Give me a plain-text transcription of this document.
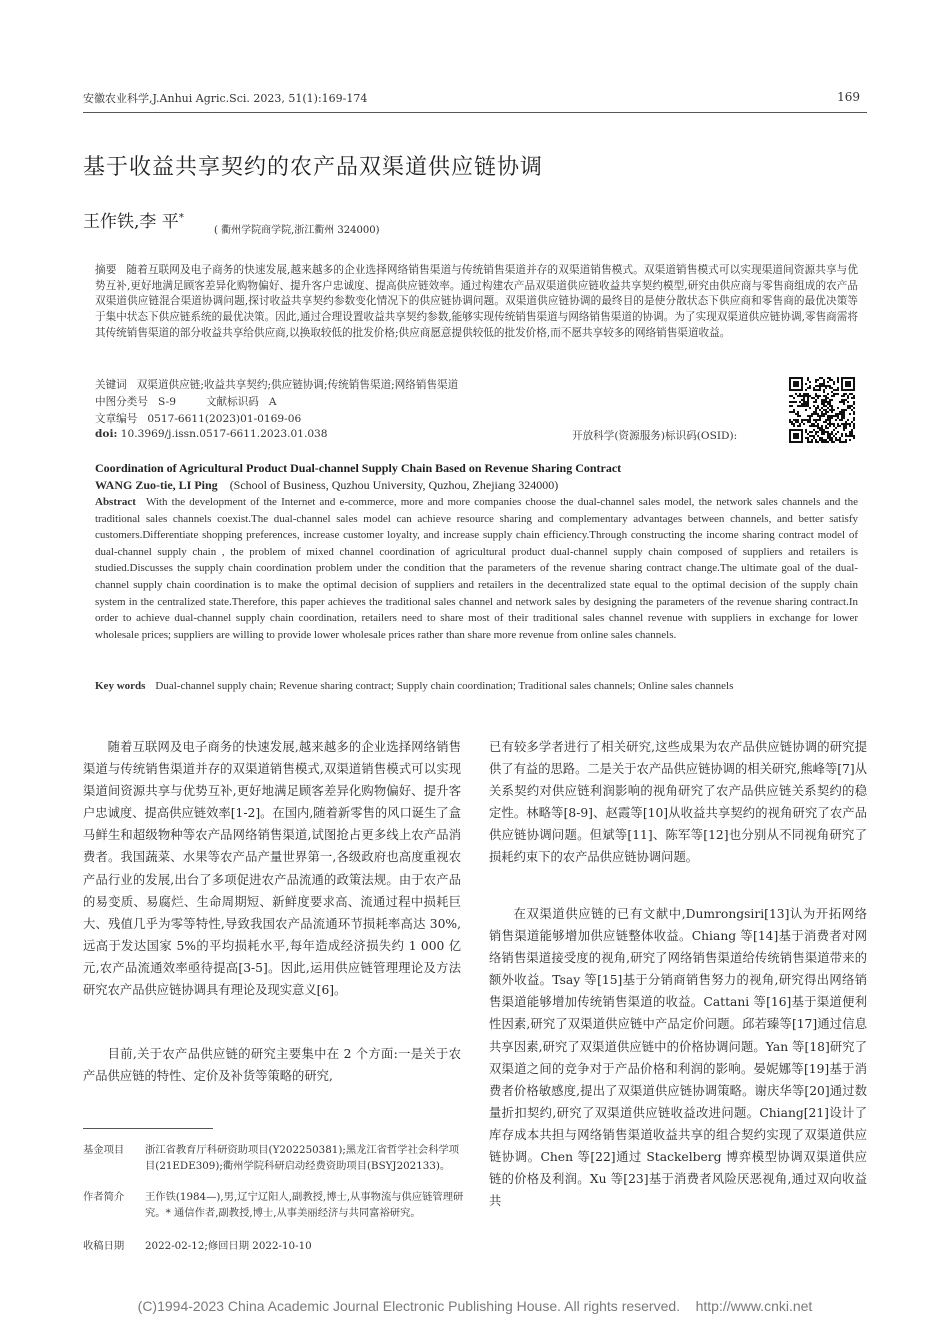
安徽农业科学,J.Anhui Agric.Sci. 2023, 51(1):169-174	169
基于收益共享契约的农产品双渠道供应链协调
王作铁,李 平*
( 衢州学院商学院,浙江衢州 324000)
摘要 随着互联网及电子商务的快速发展,越来越多的企业选择网络销售渠道与传统销售渠道并存的双渠道销售模式。双渠道销售模式可以实现渠道间资源共享与优势互补,更好地满足顾客差异化购物偏好、提升客户忠诚度、提高供应链效率。通过构建农产品双渠道供应链收益共享契约模型,研究由供应商与零售商组成的农产品双渠道供应链混合渠道协调问题,探讨收益共享契约参数变化情况下的供应链协调问题。双渠道供应链协调的最终目的是使分散状态下供应商和零售商的最优决策等于集中状态下供应链系统的最优决策。因此,通过合理设置收益共享契约参数,能够实现传统销售渠道与网络销售渠道的协调。为了实现双渠道供应链协调,零售商需将其传统销售渠道的部分收益共享给供应商,以换取较低的批发价格;供应商愿意提供较低的批发价格,而不愿共享较多的网络销售渠道收益。
关键词 双渠道供应链;收益共享契约;供应链协调;传统销售渠道;网络销售渠道
中图分类号 S-9	文献标识码 A
文章编号 0517-6611(2023)01-0169-06
doi: 10.3969/j.issn.0517-6611.2023.01.038	开放科学(资源服务)标识码(OSID):
Coordination of Agricultural Product Dual-channel Supply Chain Based on Revenue Sharing Contract
WANG Zuo-tie, LI Ping (School of Business, Quzhou University, Quzhou, Zhejiang 324000)
Abstract With the development of the Internet and e-commerce, more and more companies choose the dual-channel sales model, the network sales channels and the traditional sales channels coexist.The dual-channel sales model can achieve resource sharing and complementary advantages between channels, and better satisfy customers.Differentiate shopping preferences, increase customer loyalty, and increase supply chain efficiency.Through constructing the income sharing contract model of dual-channel supply chain , the problem of mixed channel coordination of agricultural product dual-channel supply chain composed of suppliers and retailers is studied.Discusses the supply chain coordination problem under the condition that the parameters of the revenue sharing contract change.The ultimate goal of the dual-channel supply chain coordination is to make the optimal decision of suppliers and retailers in the decentralized state equal to the optimal decision of the supply chain system in the centralized state.Therefore, this paper achieves the traditional sales channel and network sales by designing the parameters of the revenue sharing contract.In order to achieve dual-channel supply chain coordination, retailers need to share most of their traditional sales channel revenue with suppliers in exchange for lower wholesale prices; suppliers are willing to provide lower wholesale prices rather than share more revenue from online sales channels.
Key words Dual-channel supply chain; Revenue sharing contract; Supply chain coordination; Traditional sales channels; Online sales channels
随着互联网及电子商务的快速发展,越来越多的企业选择网络销售渠道与传统销售渠道并存的双渠道销售模式,双渠道销售模式可以实现渠道间资源共享与优势互补,更好地满足顾客差异化购物偏好、提升客户忠诚度、提高供应链效率[1-2]。在国内,随着新零售的风口诞生了盒马鲜生和超级物种等农产品网络销售渠道,试图抢占更多线上农产品消费者。我国蔬菜、水果等农产品产量世界第一,各级政府也高度重视农产品行业的发展,出台了多项促进农产品流通的政策法规。由于农产品的易变质、易腐烂、生命周期短、新鲜度要求高、流通过程中损耗巨大、残值几乎为零等特性,导致我国农产品流通环节损耗率高达 30%,远高于发达国家 5%的平均损耗水平,每年造成经济损失约 1 000 亿元,农产品流通效率亟待提高[3-5]。因此,运用供应链管理理论及方法研究农产品供应链协调具有理论及现实意义[6]。
目前,关于农产品供应链的研究主要集中在 2 个方面:一是关于农产品供应链的特性、定价及补货等策略的研究,
已有较多学者进行了相关研究,这些成果为农产品供应链协调的研究提供了有益的思路。二是关于农产品供应链协调的相关研究,熊峰等[7]从关系契约对供应链利润影响的视角研究了农产品供应链关系契约的稳定性。林略等[8-9]、赵霞等[10]从收益共享契约的视角研究了农产品供应链协调问题。但斌等[11]、陈军等[12]也分别从不同视角研究了损耗约束下的农产品供应链协调问题。
在双渠道供应链的已有文献中,Dumrongsiri[13]认为开拓网络销售渠道能够增加供应链整体收益。Chiang 等[14]基于消费者对网络销售渠道接受度的视角,研究了网络销售渠道给传统销售渠道带来的额外收益。Tsay 等[15]基于分销商销售努力的视角,研究得出网络销售渠道能够增加传统销售渠道的收益。Cattani 等[16]基于渠道便利性因素,研究了双渠道供应链中产品定价问题。邱若臻等[17]通过信息共享因素,研究了双渠道供应链中的价格协调问题。Yan 等[18]研究了双渠道之间的竞争对于产品价格和利润的影响。晏妮娜等[19]基于消费者价格敏感度,提出了双渠道供应链协调策略。谢庆华等[20]通过数量折扣契约,研究了双渠道供应链收益改进问题。Chiang[21]设计了库存成本共担与网络销售渠道收益共享的组合契约实现了双渠道供应链协调。Chen 等[22]通过 Stackelberg 博弈模型协调双渠道供应链的价格及利润。Xu 等[23]基于消费者风险厌恶视角,通过双向收益共
基金项目 浙江省教育厅科研资助项目(Y202250381);黑龙江省哲学社会科学项目(21EDE309);衢州学院科研启动经费资助项目(BSYJ202133)。
作者简介 王作铁(1984—),男,辽宁辽阳人,副教授,博士,从事物流与供应链管理研究。* 通信作者,副教授,博士,从事美丽经济与共同富裕研究。
收稿日期 2022-02-12;修回日期 2022-10-10
(C)1994-2023 China Academic Journal Electronic Publishing House. All rights reserved.    http://www.cnki.net
